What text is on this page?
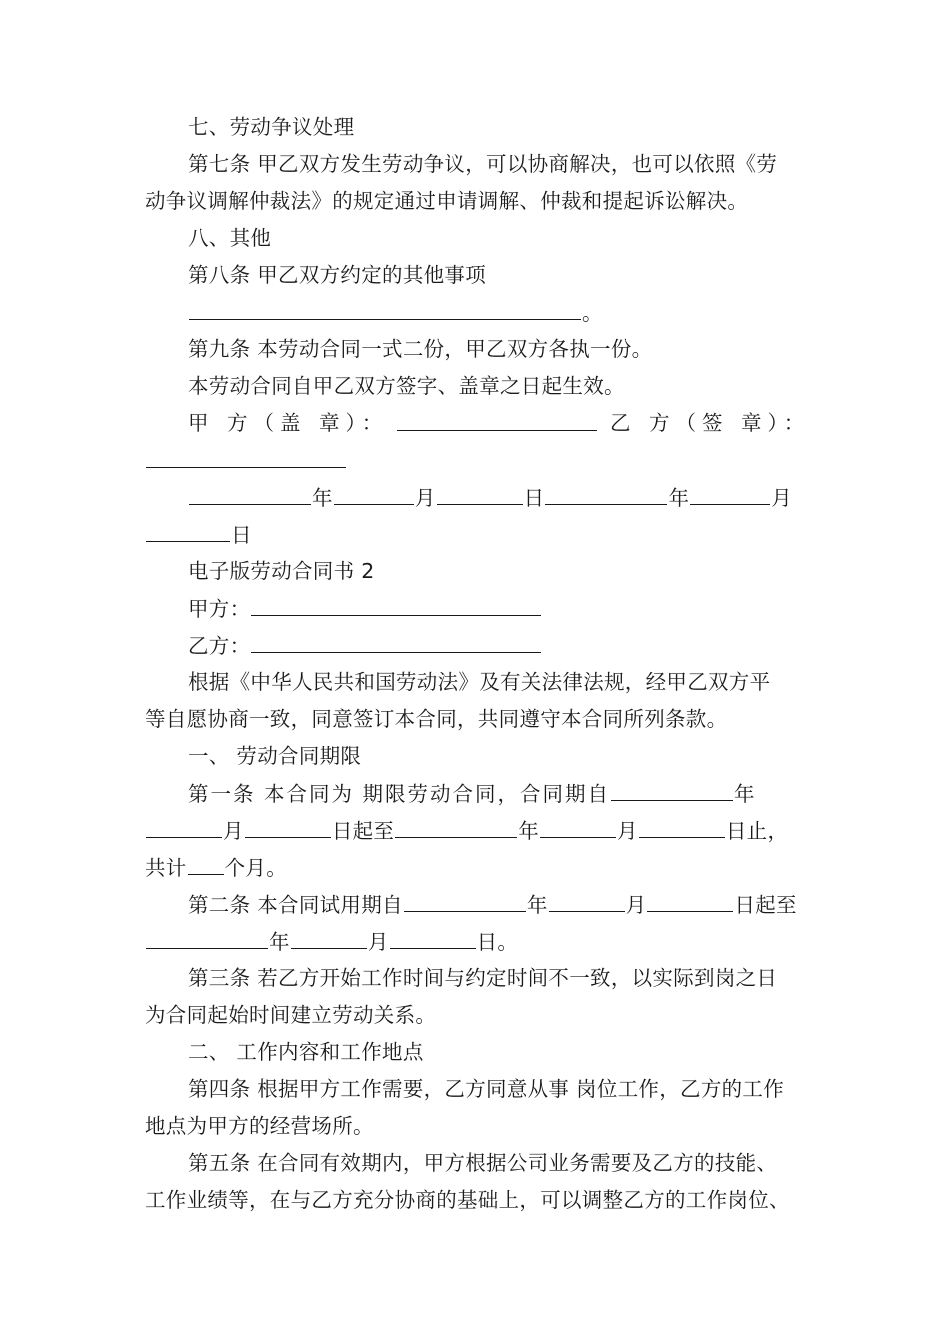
七、劳动争议处理
第七条 甲乙双方发生劳动争议，可以协商解决，也可以依照《劳
动争议调解仲裁法》的规定通过申请调解、仲裁和提起诉讼解决。
八、其他
第八条 甲乙双方约定的其他事项
。
第九条 本劳动合同一式二份，甲乙双方各执一份。
本劳动合同自甲乙双方签字、盖章之日起生效。
甲 方（盖 章）：	乙 方（签 章）：
年	月	日	年	月
日
电子版劳动合同书 2
甲方：
乙方：
根据《中华人民共和国劳动法》及有关法律法规，经甲乙双方平
等自愿协商一致，同意签订本合同，共同遵守本合同所列条款。
一、 劳动合同期限
第一条 本合同为 期限劳动合同，合同期自	年
月	日起至	年	月	日止，
共计 个月。
第二条 本合同试用期自	年	月	日起至
年	月	日。
第三条 若乙方开始工作时间与约定时间不一致，以实际到岗之日
为合同起始时间建立劳动关系。
二、 工作内容和工作地点
第四条 根据甲方工作需要，乙方同意从事 岗位工作，乙方的工作
地点为甲方的经营场所。
第五条 在合同有效期内，甲方根据公司业务需要及乙方的技能、
工作业绩等，在与乙方充分协商的基础上，可以调整乙方的工作岗位、
